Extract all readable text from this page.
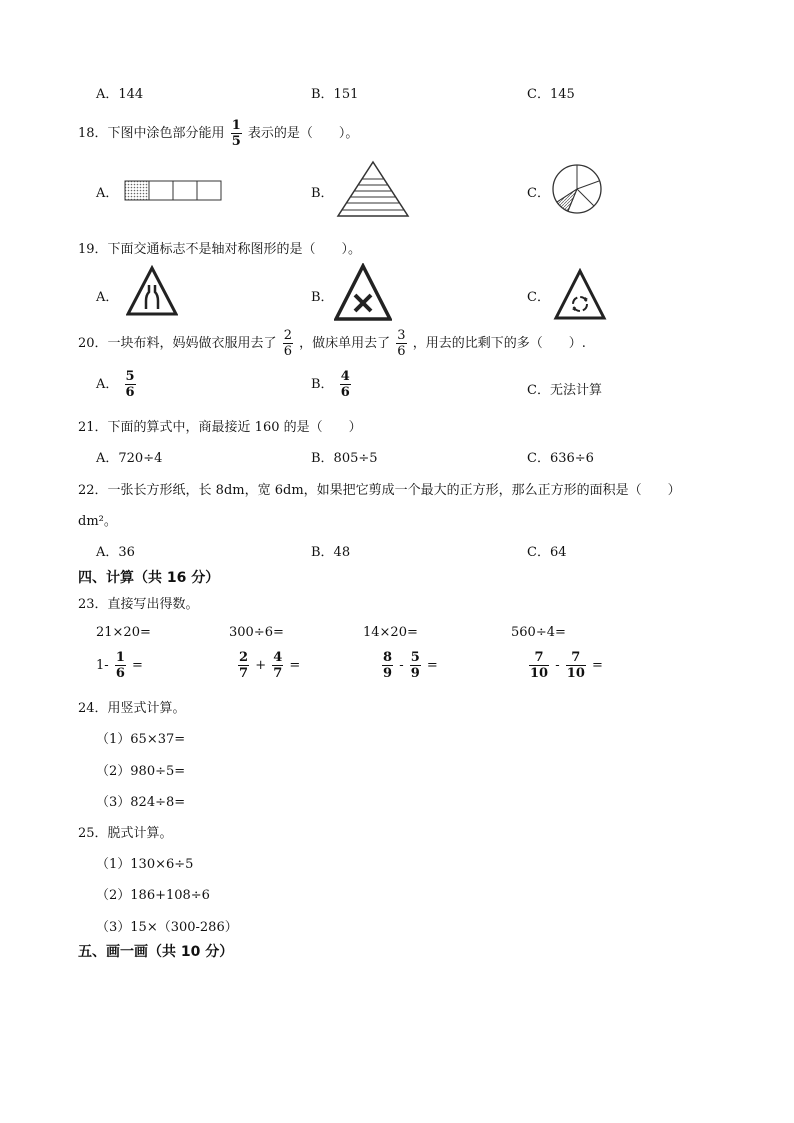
A．144	B．151	C．145
18．下图中涂色部分能用 $\frac{1}{5}$ 表示的是（　　）。
A．	B．	C．
19．下面交通标志不是轴对称图形的是（　　）。
A．	B．	C．
20．一块布料，妈妈做衣服用去了 $\frac{2}{6}$ ，做床单用去了 $\frac{3}{6}$ ，用去的比剩下的多（　　）.
A． $\frac{5}{6}$	B． $\frac{4}{6}$	C．无法计算
21．下面的算式中，商最接近 160 的是（　　）
A．720÷4	B．805÷5	C．636÷6
22．一张长方形纸，长 8dm，宽 6dm，如果把它剪成一个最大的正方形，那么正方形的面积是（　　）
dm²。
A．36	B．48	C．64
四、计算（共 16 分）
23．直接写出得数。
21×20=	300÷6=	14×20=	560÷4=
$1- \frac{1}{6}$ =	$\frac{2}{7} + \frac{4}{7}$ =	$\frac{8}{9} - \frac{5}{9}$ =	$\frac{7}{10} - \frac{7}{10}$ =
24．用竖式计算。
（1）65×37=
（2）980÷5=
（3）824÷8=
25．脱式计算。
（1）130×6÷5
（2）186+108÷6
（3）15×（300-286）
五、画一画（共 10 分）
